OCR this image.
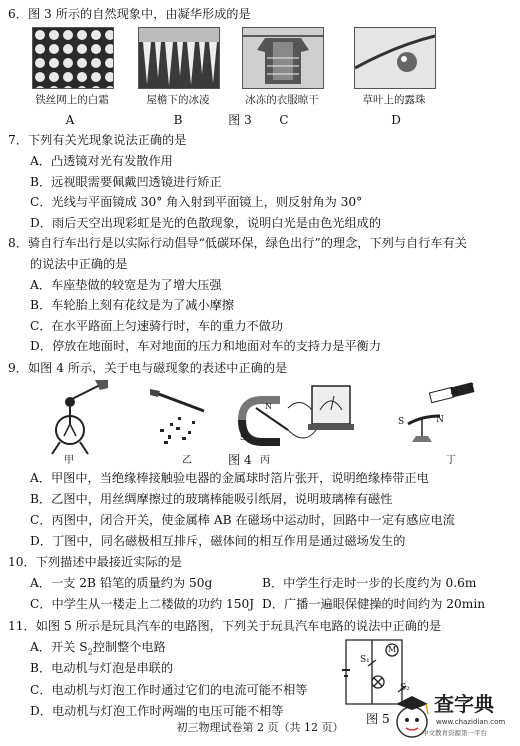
6．图 3 所示的自然现象中，由凝华形成的是
铁丝网上的白霜	屋檐下的冰凌	冰冻的衣服晾干	草叶上的露珠
A	B	图 3	C	D
7．下列有关光现象说法正确的是
A．凸透镜对光有发散作用
B．远视眼需要佩戴凹透镜进行矫正
C．光线与平面镜成 30° 角入射到平面镜上，则反射角为 30°
D．雨后天空出现彩虹是光的色散现象，说明白光是由色光组成的
8．骑自行车出行是以实际行动倡导“低碳环保，绿色出行”的理念，下列与自行车有关
的说法中正确的是
A．车座垫做的较宽是为了增大压强
B．车轮胎上刻有花纹是为了减小摩擦
C．在水平路面上匀速骑行时，车的重力不做功
D．停放在地面时，车对地面的压力和地面对车的支持力是平衡力
9．如图 4 所示，关于电与磁现象的表述中正确的是
N
S
N S
S	N
甲	乙	丙	丁
图 4
A．甲图中，当绝缘棒接触验电器的金属球时箔片张开，说明绝缘棒带正电
B．乙图中，用丝绸摩擦过的玻璃棒能吸引纸屑，说明玻璃棒有磁性
C．丙图中，闭合开关，使金属棒 AB 在磁场中运动时，回路中一定有感应电流
D．丁图中，同名磁极相互排斥，磁体间的相互作用是通过磁场发生的
10．下列描述中最接近实际的是
A．一支 2B 铅笔的质量约为 50g	B．中学生行走时一步的长度约为 0.6m
C．中学生从一楼走上二楼做的功约 150J D．广播一遍眼保健操的时间约为 20min
11．如图 5 所示是玩具汽车的电路图，下列关于玩具汽车电路的说法中正确的是
A．开关 $S_2$控制整个电路
B．电动机与灯泡是串联的
C．电动机与灯泡工作时通过它们的电流可能不相等
D．电动机与灯泡工作时两端的电压可能不相等
M
S₁
S₂
图 5
查字典
www.chazidian.com
中文教育资源第一平台
初三物理试卷第 2 页（共 12 页）
